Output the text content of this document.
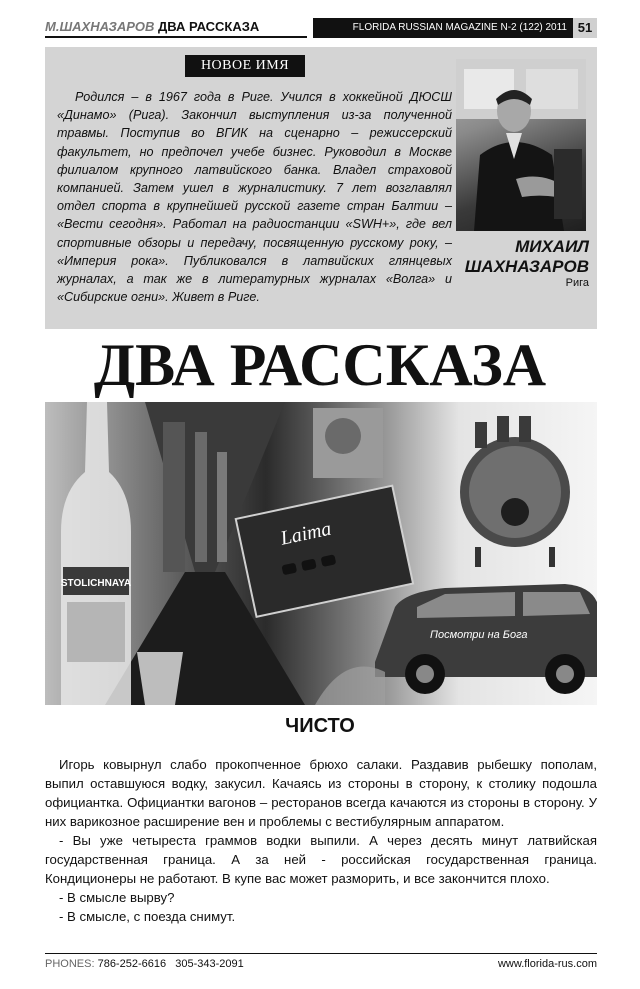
М.ШАХНАЗАРОВ ДВА РАССКАЗА	FLORIDA RUSSIAN MAGAZINE N-2 (122) 2011 51
НОВОЕ ИМЯ

Родился – в 1967 года в Риге. Учился в хоккейной ДЮСШ «Динамо» (Рига). Закончил выступления из-за полученной травмы. Поступив во ВГИК на сценарно – режиссерский факультет, но предпочел учебе бизнес. Руководил в Москве филиалом крупного латвийского банка. Владел страховой компанией. Затем ушел в журналистику. 7 лет возглавлял отдел спорта в крупнейшей русской газете стран Балтии – «Вести сегодня». Работал на радиостанции «SWH+», где вел спортивные обзоры и передачу, посвященную русскому року, – «Империя рока». Публиковался в латвийских глянцевых журналах, а так же в литературных журналах «Волга» и «Сибирские огни». Живет в Риге.

МИХАИЛ
ШАХНАЗАРОВ
Рига
ДВА РАССКАЗА
STOLICHNAYA
Laima
Посмотри на Бога
ЧИСТО

Игорь ковырнул слабо прокопченное брюхо салаки. Раздавив рыбешку пополам, выпил оставшуюся водку, закусил. Качаясь из стороны в сторону, к столику подошла официантка. Официантки вагонов – ресторанов всегда качаются из стороны в сторону. У них варикозное расширение вен и проблемы с вестибулярным аппаратом.

- Вы уже четыреста граммов водки выпили. А через десять минут латвийская государственная граница. А за ней - российская государственная граница. Кондиционеры не работают. В купе вас может разморить, и все закончится плохо.

- В смысле вырву?

- В смысле, с поезда снимут.

PHONES: 786-252-6616 305-343-2091	www.florida-rus.com
